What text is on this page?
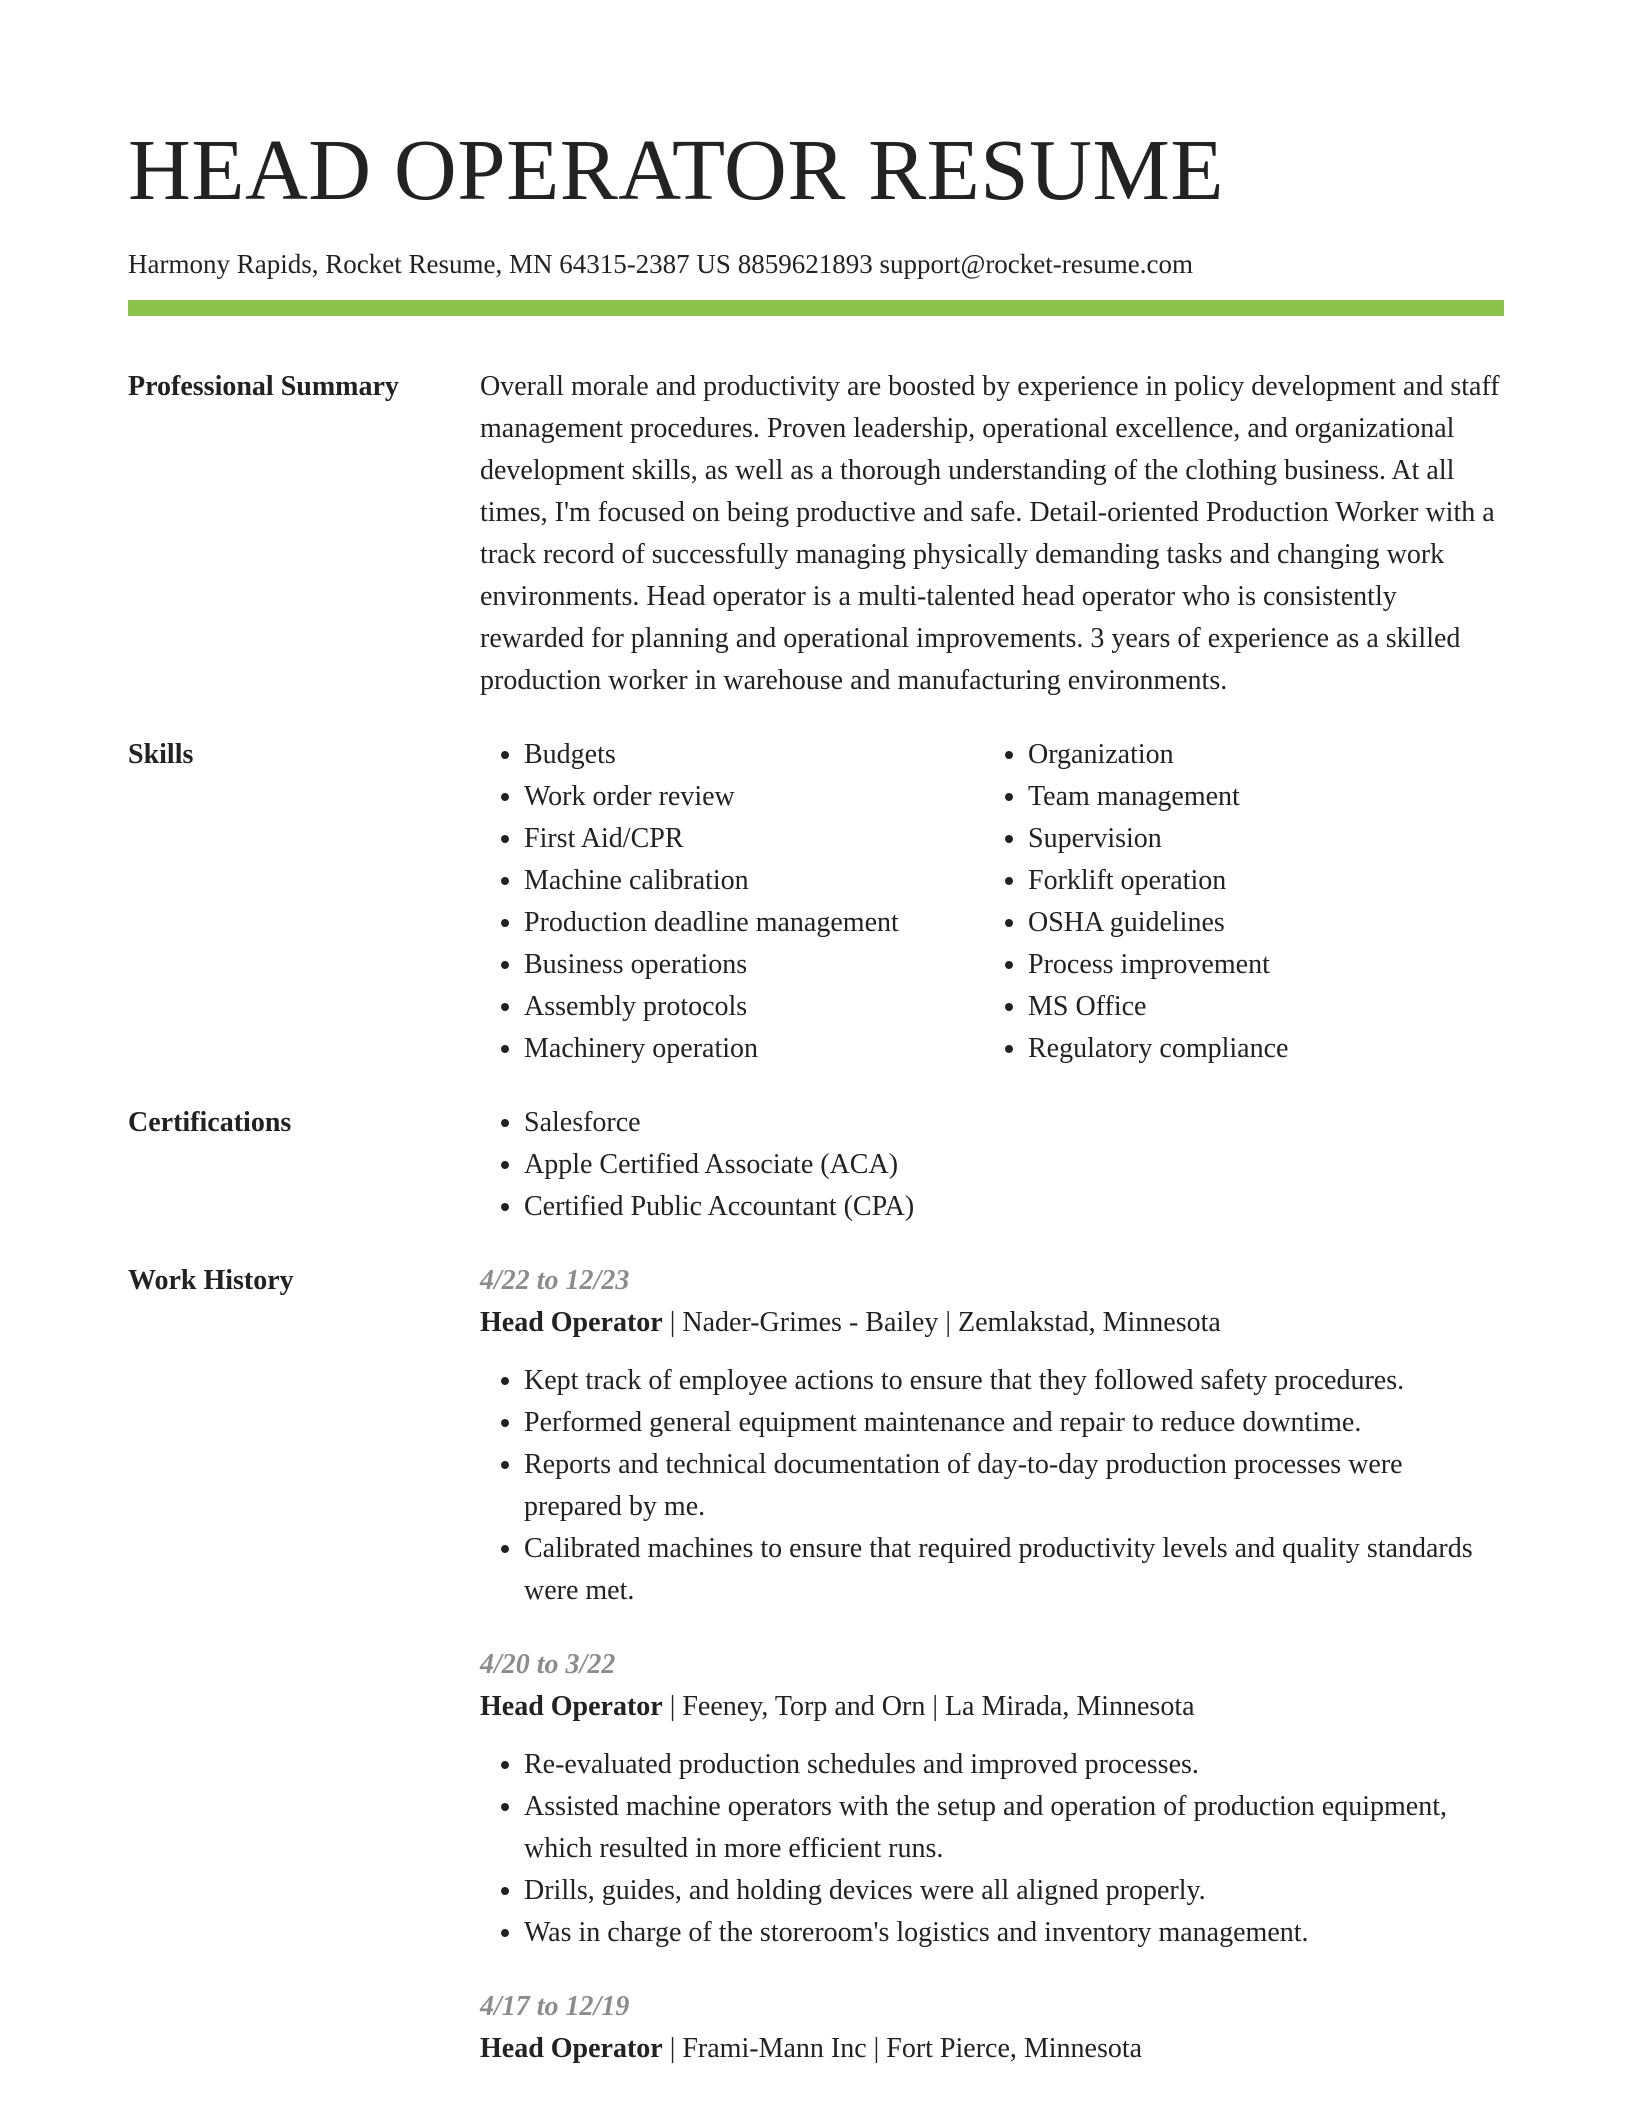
HEAD OPERATOR RESUME
Harmony Rapids, Rocket Resume, MN 64315-2387 US 8859621893 support@rocket-resume.com
Professional Summary	Overall morale and productivity are boosted by experience in policy development and staff management procedures. Proven leadership, operational excellence, and organizational development skills, as well as a thorough understanding of the clothing business. At all times, I'm focused on being productive and safe. Detail-oriented Production Worker with a track record of successfully managing physically demanding tasks and changing work environments. Head operator is a multi-talented head operator who is consistently rewarded for planning and operational improvements. 3 years of experience as a skilled production worker in warehouse and manufacturing environments.
Skills	• Budgets
• Work order review
• First Aid/CPR
• Machine calibration
• Production deadline management
• Business operations
• Assembly protocols
• Machinery operation
• Organization
• Team management
• Supervision
• Forklift operation
• OSHA guidelines
• Process improvement
• MS Office
• Regulatory compliance
Certifications	• Salesforce
• Apple Certified Associate (ACA)
• Certified Public Accountant (CPA)
Work History	4/22 to 12/23
Head Operator | Nader-Grimes - Bailey | Zemlakstad, Minnesota
• Kept track of employee actions to ensure that they followed safety procedures.
• Performed general equipment maintenance and repair to reduce downtime.
• Reports and technical documentation of day-to-day production processes were prepared by me.
• Calibrated machines to ensure that required productivity levels and quality standards were met.
4/20 to 3/22
Head Operator | Feeney, Torp and Orn | La Mirada, Minnesota
• Re-evaluated production schedules and improved processes.
• Assisted machine operators with the setup and operation of production equipment, which resulted in more efficient runs.
• Drills, guides, and holding devices were all aligned properly.
• Was in charge of the storeroom's logistics and inventory management.
4/17 to 12/19
Head Operator | Frami-Mann Inc | Fort Pierce, Minnesota
